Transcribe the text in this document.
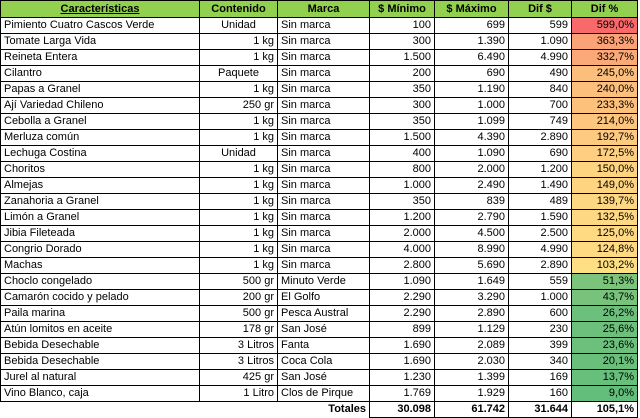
Características	Contenido	Marca	$ Mínimo	$ Máximo	Dif $	Dif %
Pimiento Cuatro Cascos Verde	Unidad	Sin marca	100	699	599	599,0%
Tomate Larga Vida	1 kg	Sin marca	300	1.390	1.090	363,3%
Reineta Entera	1 kg	Sin marca	1.500	6.490	4.990	332,7%
Cilantro	Paquete	Sin marca	200	690	490	245,0%
Papas a Granel	1 kg	Sin marca	350	1.190	840	240,0%
Ají Variedad Chileno	250 gr	Sin marca	300	1.000	700	233,3%
Cebolla a Granel	1 kg	Sin marca	350	1.099	749	214,0%
Merluza común	1 kg	Sin marca	1.500	4.390	2.890	192,7%
Lechuga Costina	Unidad	Sin marca	400	1.090	690	172,5%
Choritos	1 kg	Sin marca	800	2.000	1.200	150,0%
Almejas	1 kg	Sin marca	1.000	2.490	1.490	149,0%
Zanahoria a Granel	1 kg	Sin marca	350	839	489	139,7%
Limón a Granel	1 kg	Sin marca	1.200	2.790	1.590	132,5%
Jibia Fileteada	1 kg	Sin marca	2.000	4.500	2.500	125,0%
Congrio Dorado	1 kg	Sin marca	4.000	8.990	4.990	124,8%
Machas	1 kg	Sin marca	2.800	5.690	2.890	103,2%
Choclo congelado	500 gr	Minuto Verde	1.090	1.649	559	51,3%
Camarón cocido y pelado	200 gr	El Golfo	2.290	3.290	1.000	43,7%
Paila marina	500 gr	Pesca Austral	2.290	2.890	600	26,2%
Atún lomitos en aceite	178 gr	San José	899	1.129	230	25,6%
Bebida Desechable	3 Litros	Fanta	1.690	2.089	399	23,6%
Bebida Desechable	3 Litros	Coca Cola	1.690	2.030	340	20,1%
Jurel al natural	425 gr	San José	1.230	1.399	169	13,7%
Vino Blanco, caja	1 Litro	Clos de Pirque	1.769	1.929	160	9,0%
		Totales	30.098	61.742	31.644	105,1%
